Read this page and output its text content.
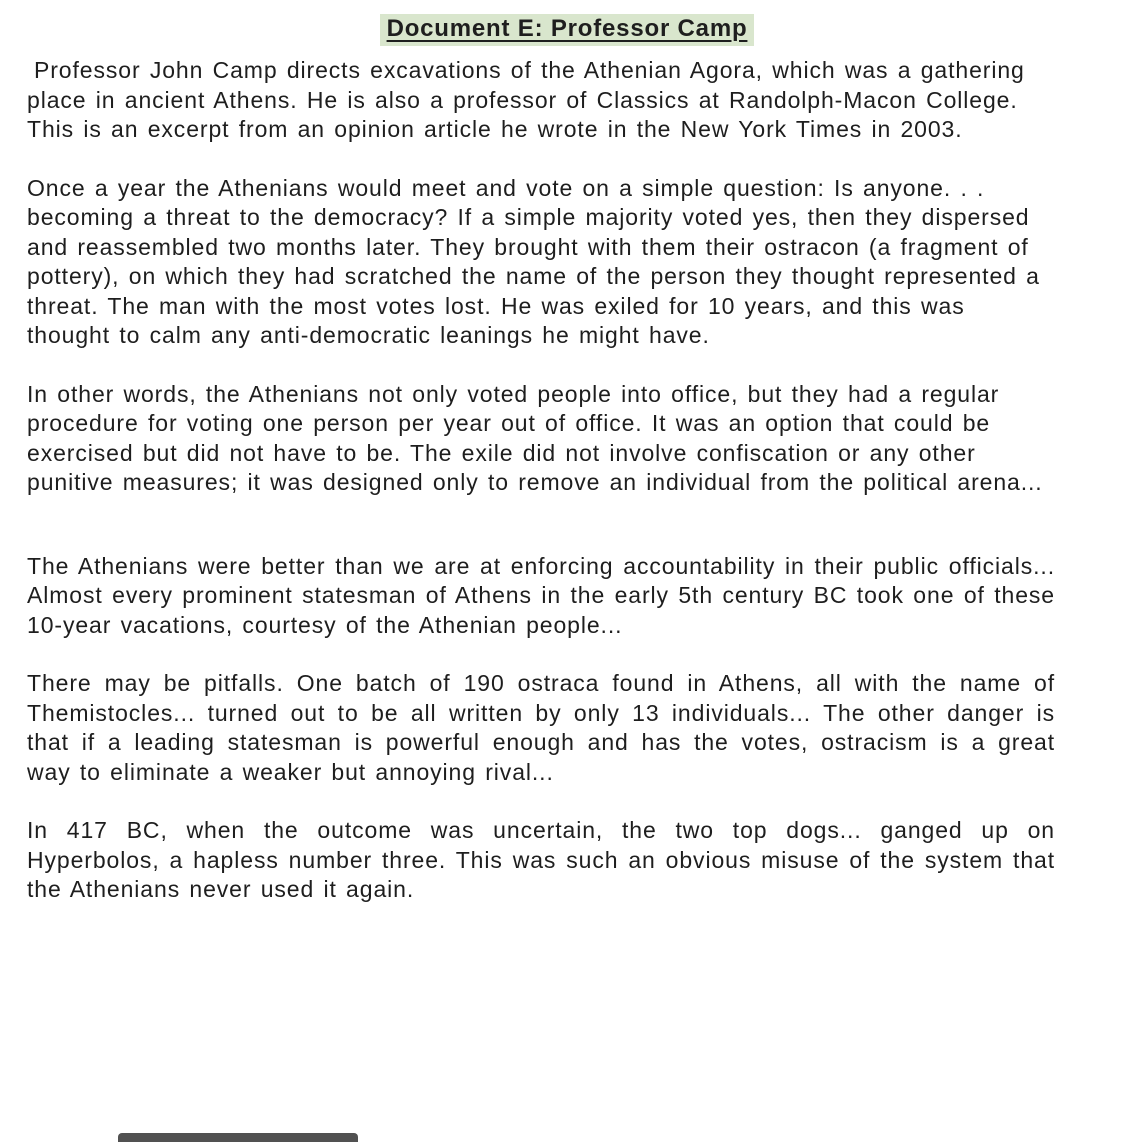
Document E: Professor Camp

Professor John Camp directs excavations of the Athenian Agora, which was a gathering place in ancient Athens. He is also a professor of Classics at Randolph-Macon College. This is an excerpt from an opinion article he wrote in the New York Times in 2003.

Once a year the Athenians would meet and vote on a simple question: Is anyone. . . becoming a threat to the democracy? If a simple majority voted yes, then they dispersed and reassembled two months later. They brought with them their ostracon (a fragment of pottery), on which they had scratched the name of the person they thought represented a threat. The man with the most votes lost. He was exiled for 10 years, and this was thought to calm any anti-democratic leanings he might have.

In other words, the Athenians not only voted people into office, but they had a regular procedure for voting one person per year out of office. It was an option that could be exercised but did not have to be. The exile did not involve confiscation or any other punitive measures; it was designed only to remove an individual from the political arena...

The Athenians were better than we are at enforcing accountability in their public officials... Almost every prominent statesman of Athens in the early 5th century BC took one of these 10-year vacations, courtesy of the Athenian people...

There may be pitfalls. One batch of 190 ostraca found in Athens, all with the name of Themistocles... turned out to be all written by only 13 individuals... The other danger is that if a leading statesman is powerful enough and has the votes, ostracism is a great way to eliminate a weaker but annoying rival...

In 417 BC, when the outcome was uncertain, the two top dogs... ganged up on Hyperbolos, a hapless number three. This was such an obvious misuse of the system that the Athenians never used it again.
